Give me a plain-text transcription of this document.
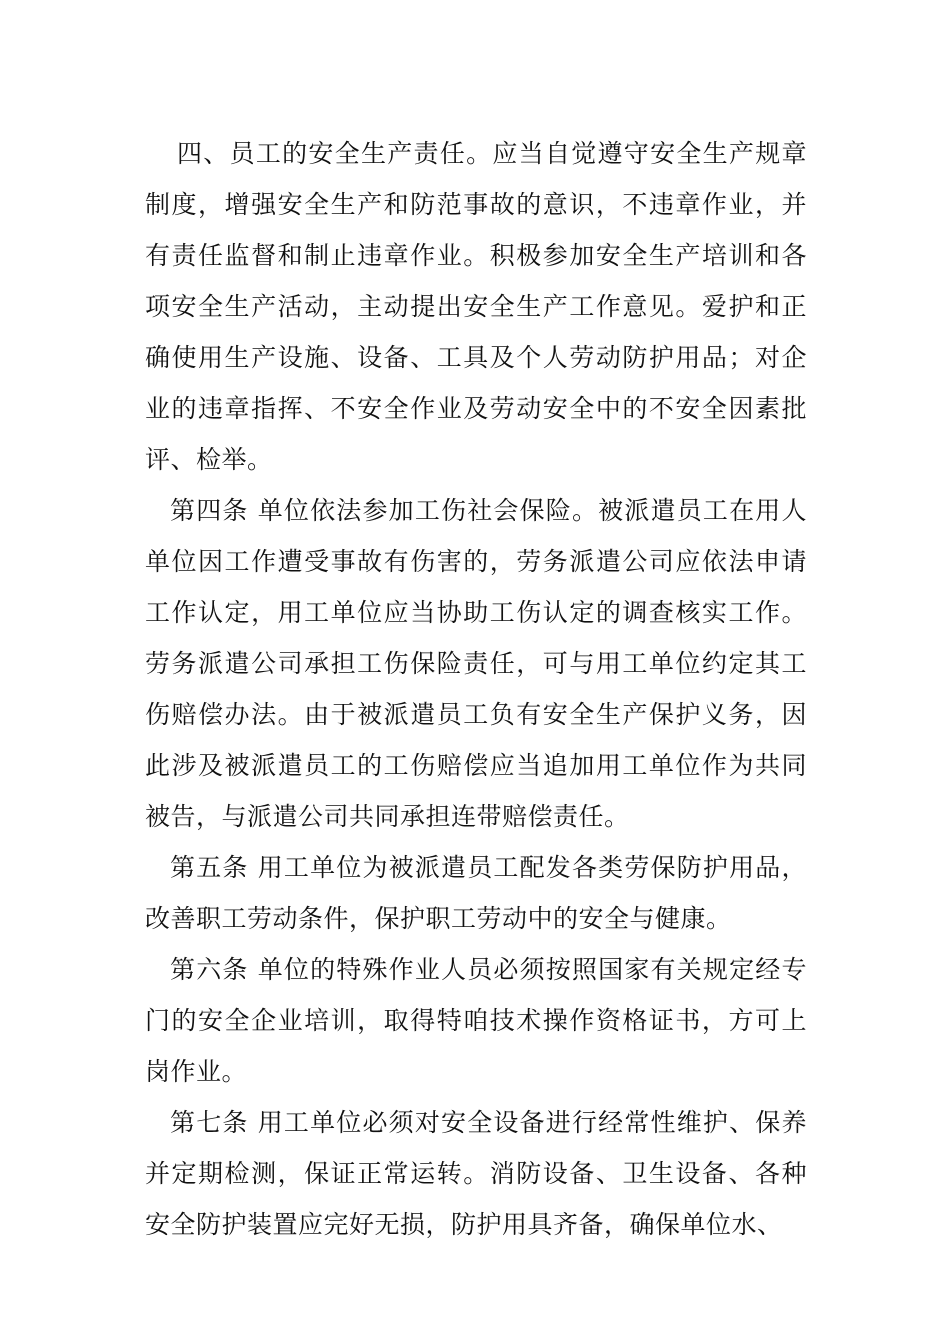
四、员工的安全生产责任。应当自觉遵守安全生产规章制度，增强安全生产和防范事故的意识，不违章作业，并有责任监督和制止违章作业。积极参加安全生产培训和各项安全生产活动，主动提出安全生产工作意见。爱护和正确使用生产设施、设备、工具及个人劳动防护用品；对企业的违章指挥、不安全作业及劳动安全中的不安全因素批评、检举。

第四条 单位依法参加工伤社会保险。被派遣员工在用人单位因工作遭受事故有伤害的，劳务派遣公司应依法申请工作认定，用工单位应当协助工伤认定的调查核实工作。劳务派遣公司承担工伤保险责任，可与用工单位约定其工伤赔偿办法。由于被派遣员工负有安全生产保护义务，因此涉及被派遣员工的工伤赔偿应当追加用工单位作为共同被告，与派遣公司共同承担连带赔偿责任。

第五条 用工单位为被派遣员工配发各类劳保防护用品，改善职工劳动条件，保护职工劳动中的安全与健康。

第六条 单位的特殊作业人员必须按照国家有关规定经专门的安全企业培训，取得特咱技术操作资格证书，方可上岗作业。

第七条 用工单位必须对安全设备进行经常性维护、保养并定期检测，保证正常运转。消防设备、卫生设备、各种安全防护装置应完好无损，防护用具齐备，确保单位水、
